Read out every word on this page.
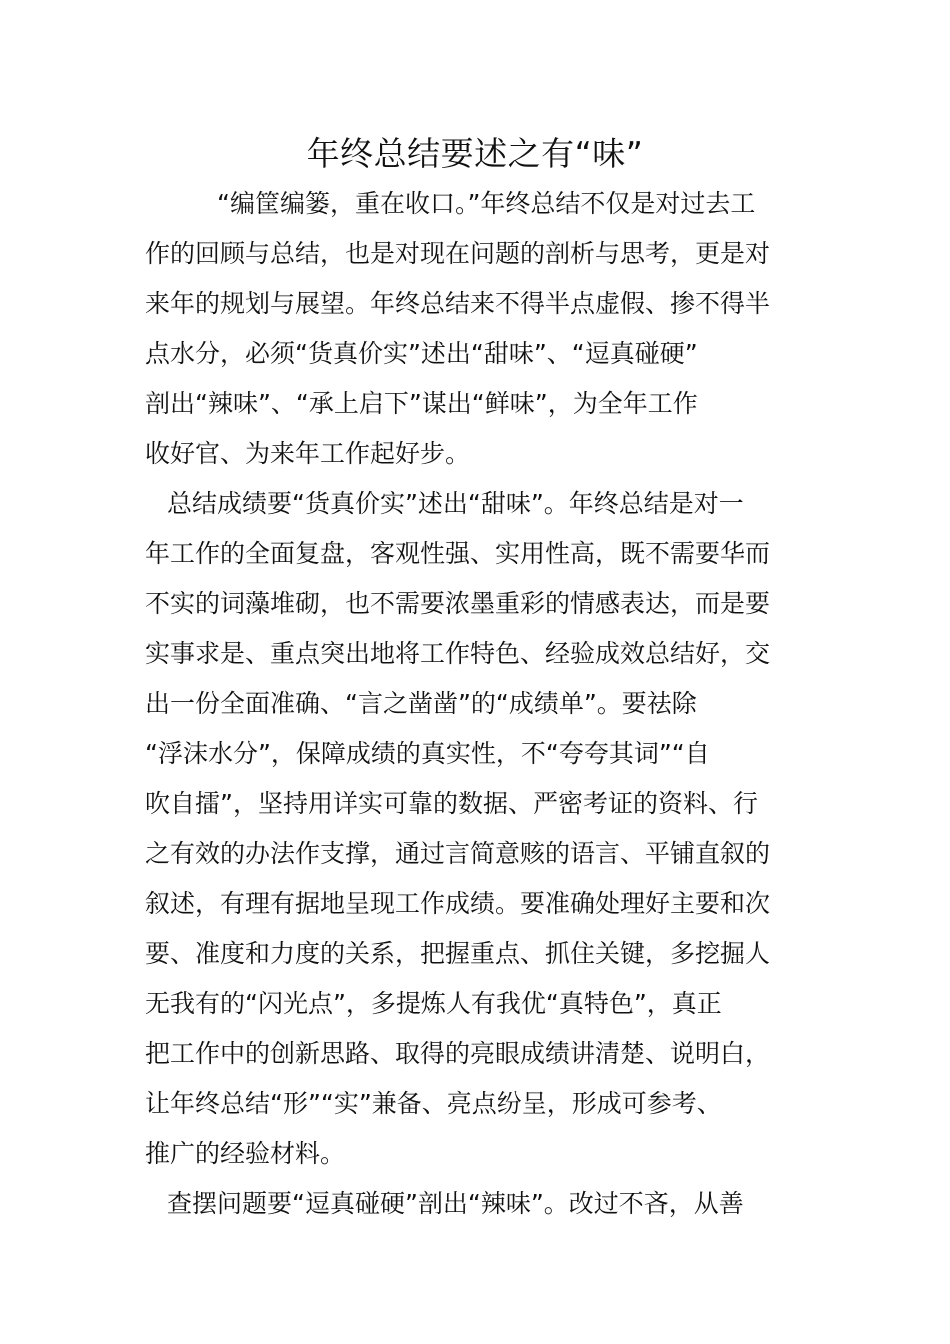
年终总结要述之有“味”

“编筐编篓，重在收口。”年终总结不仅是对过去工

作的回顾与总结，也是对现在问题的剖析与思考，更是对

来年的规划与展望。年终总结来不得半点虚假、掺不得半

点水分，必须“货真价实”述出“甜味”、“逗真碰硬”

剖出“辣味”、“承上启下”谋出“鲜味”，为全年工作

收好官、为来年工作起好步。

总结成绩要“货真价实”述出“甜味”。年终总结是对一

年工作的全面复盘，客观性强、实用性高，既不需要华而

不实的词藻堆砌，也不需要浓墨重彩的情感表达，而是要

实事求是、重点突出地将工作特色、经验成效总结好，交

出一份全面准确、“言之凿凿”的“成绩单”。要祛除

“浮沫水分”，保障成绩的真实性，不“夸夸其词”“自

吹自擂”，坚持用详实可靠的数据、严密考证的资料、行

之有效的办法作支撑，通过言简意赅的语言、平铺直叙的

叙述，有理有据地呈现工作成绩。要准确处理好主要和次

要、准度和力度的关系，把握重点、抓住关键，多挖掘人

无我有的“闪光点”，多提炼人有我优“真特色”，真正

把工作中的创新思路、取得的亮眼成绩讲清楚、说明白，

让年终总结“形”“实”兼备、亮点纷呈，形成可参考、

推广的经验材料。

查摆问题要“逗真碰硬”剖出“辣味”。改过不吝，从善
